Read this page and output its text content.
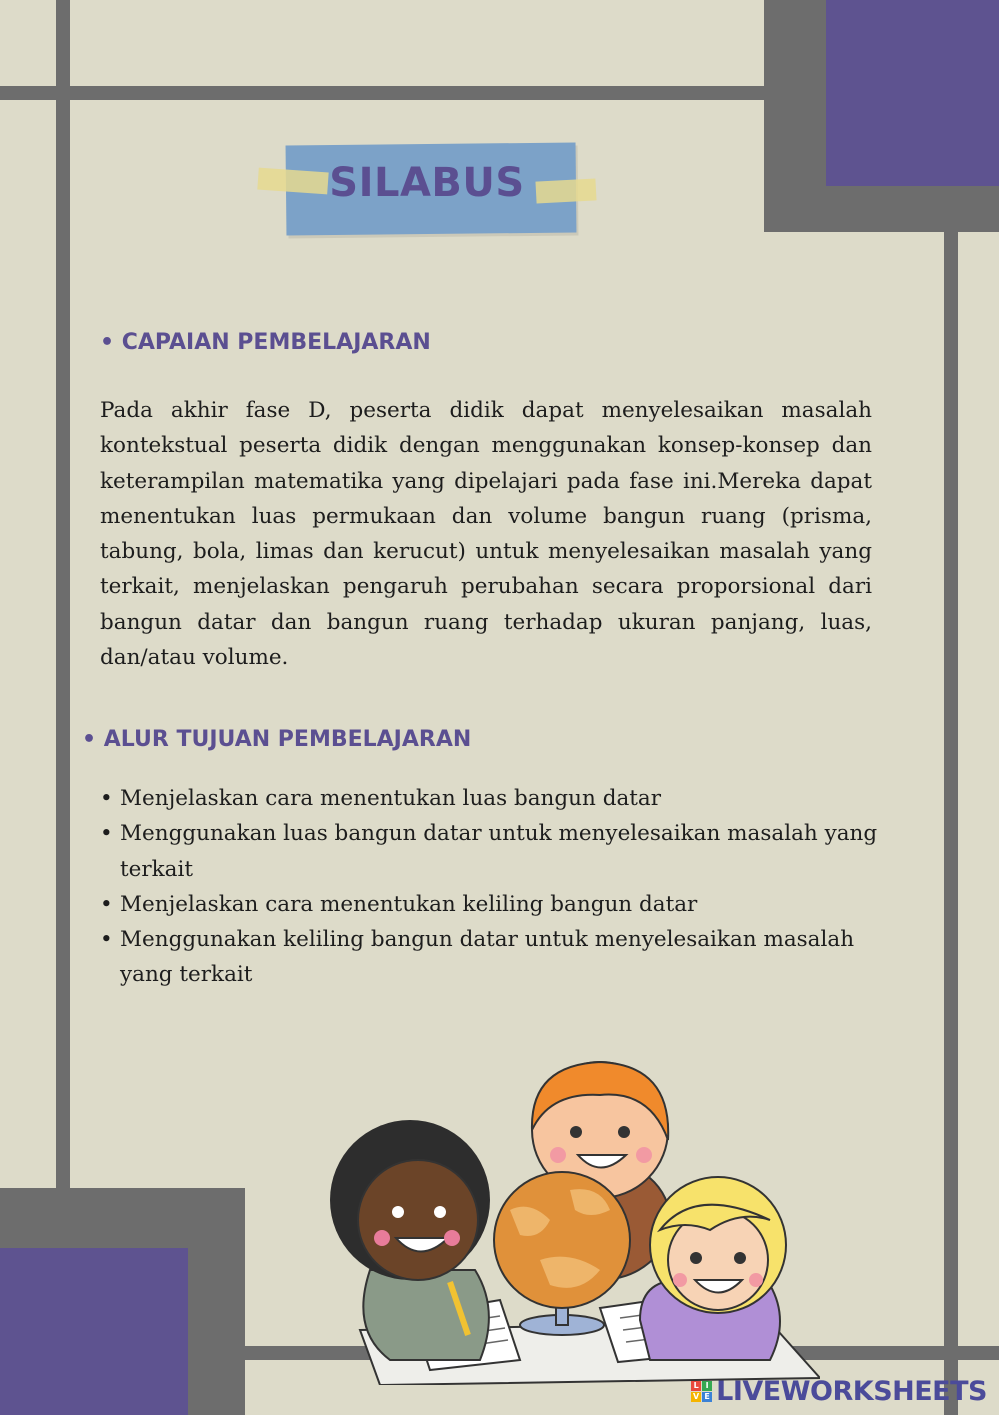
SILABUS
• CAPAIAN PEMBELAJARAN

Pada akhir fase D, peserta didik dapat menyelesaikan masalah kontekstual peserta didik dengan menggunakan konsep-konsep dan keterampilan matematika yang dipelajari pada fase ini.Mereka dapat menentukan luas permukaan dan volume bangun ruang (prisma, tabung, bola, limas dan kerucut) untuk menyelesaikan masalah yang terkait, menjelaskan pengaruh perubahan secara proporsional dari bangun datar dan bangun ruang terhadap ukuran panjang, luas, dan/atau volume.

• ALUR TUJUAN PEMBELAJARAN
• Menjelaskan cara menentukan luas bangun datar
• Menggunakan luas bangun datar untuk menyelesaikan masalah yang terkait
• Menjelaskan cara menentukan keliling bangun datar
• Menggunakan keliling bangun datar untuk menyelesaikan masalah yang terkait
L I
V E LIVEWORKSHEETS
